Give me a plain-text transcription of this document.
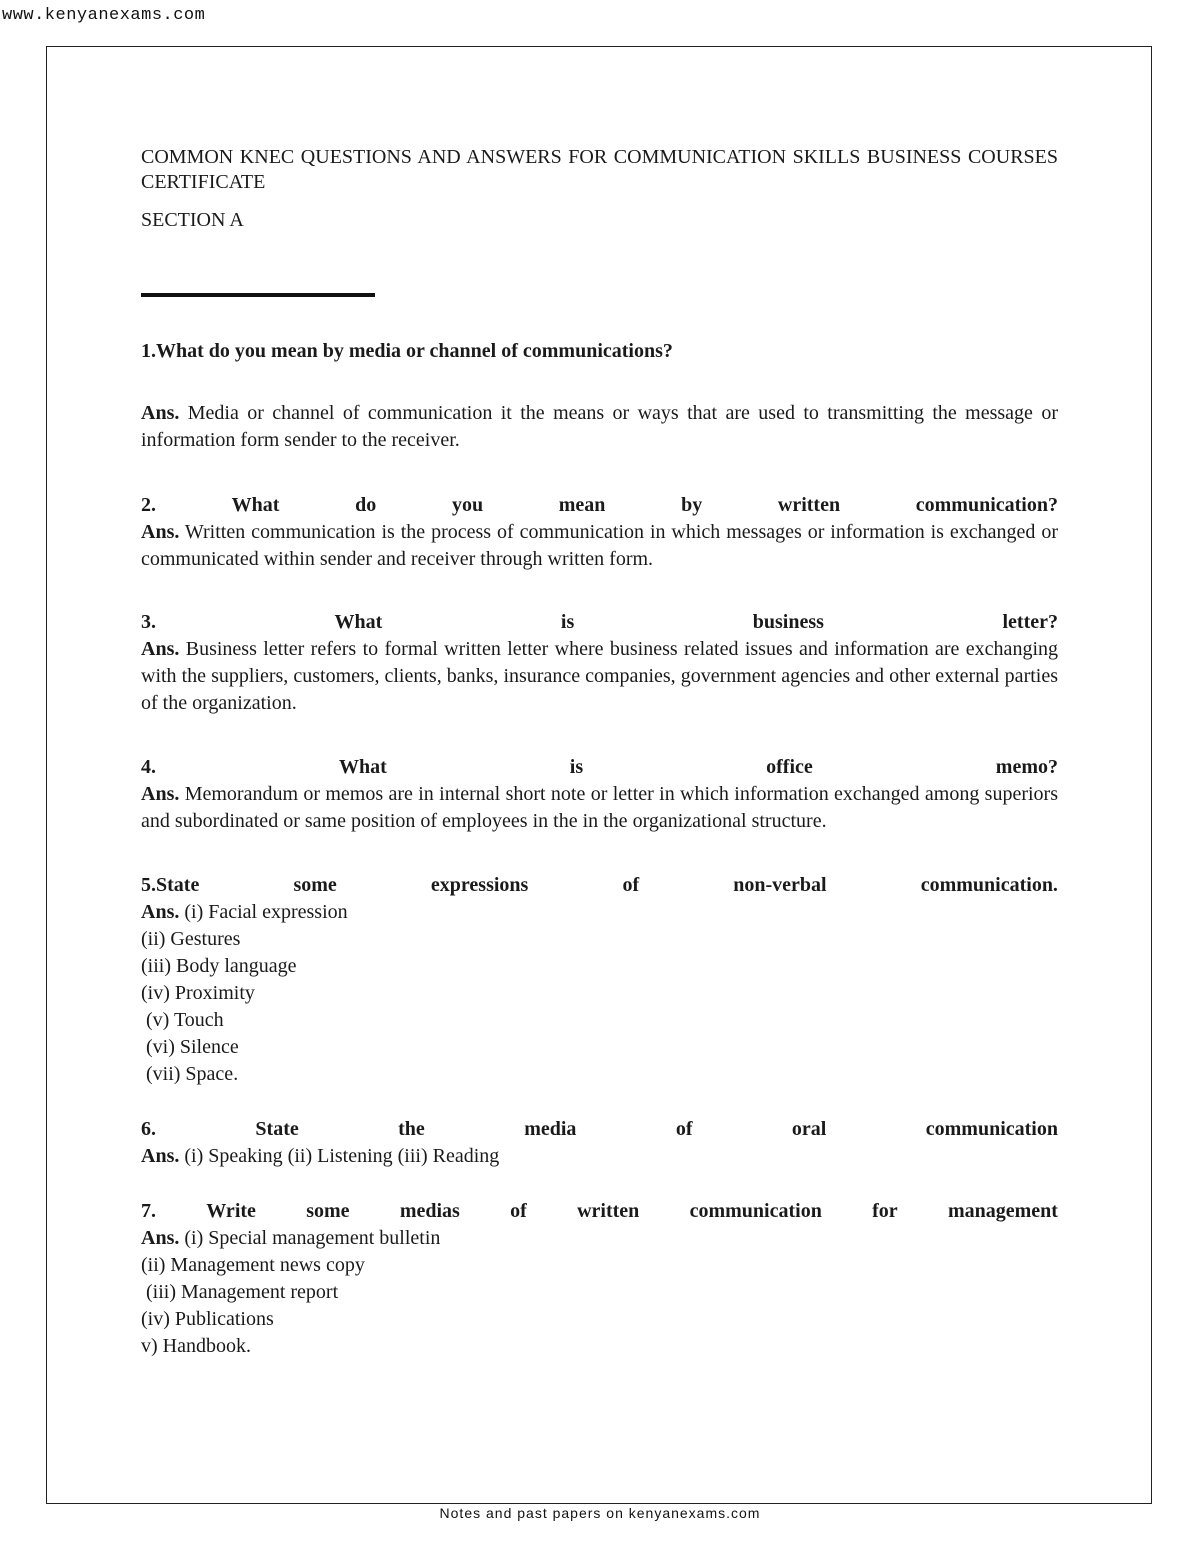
www.kenyanexams.com
COMMON KNEC QUESTIONS AND ANSWERS FOR COMMUNICATION SKILLS BUSINESS COURSES CERTIFICATE
SECTION A
1.What do you mean by media or channel of communications?
Ans. Media or channel of communication it the means or ways that are used to transmitting the message or information form sender to the receiver.
2.	What	do	you	mean	by	written	communication?
Ans. Written communication is the process of communication in which messages or information is exchanged or communicated within sender and receiver through written form.
3.	What	is	business	letter?
Ans. Business letter refers to formal written letter where business related issues and information are exchanging with the suppliers, customers, clients, banks, insurance companies, government agencies and other external parties of the organization.
4.	What	is	office	memo?
Ans. Memorandum or memos are in internal short note or letter in which information exchanged among superiors and subordinated or same position of employees in the in the organizational structure.
5.State	some	expressions	of	non-verbal	communication.
Ans. (i) Facial expression
(ii) Gestures
(iii) Body language
(iv) Proximity
(v) Touch
(vi) Silence
(vii) Space.
6.	State	the	media	of	oral	communication
Ans. (i) Speaking (ii) Listening (iii) Reading
7.	Write	some	medias	of	written	communication	for	management
Ans. (i) Special management bulletin
(ii) Management news copy
(iii) Management report
(iv) Publications
v) Handbook.
Notes and past papers on kenyanexams.com
